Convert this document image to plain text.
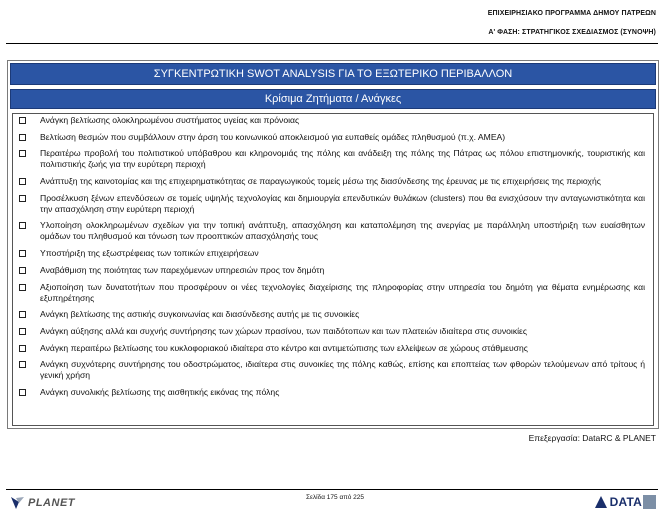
ΕΠΙΧΕΙΡΗΣΙΑΚΟ ΠΡΟΓΡΑΜΜΑ ΔΗΜΟΥ ΠΑΤΡΕΩΝ
Α' ΦΑΣΗ: ΣΤΡΑΤΗΓΙΚΟΣ ΣΧΕΔΙΑΣΜΟΣ (ΣΥΝΟΨΗ)
ΣΥΓΚΕΝΤΡΩΤΙΚΗ SWOT ANALYSIS ΓΙΑ ΤΟ ΕΞΩΤΕΡΙΚΟ ΠΕΡΙΒΑΛΛΟΝ
Κρίσιμα Ζητήματα / Ανάγκες
Ανάγκη βελτίωσης ολοκληρωμένου συστήματος υγείας και πρόνοιας
Βελτίωση θεσμών που συμβάλλουν στην άρση του κοινωνικού αποκλεισμού για ευπαθείς ομάδες πληθυσμού (π.χ. ΑΜΕΑ)
Περαιτέρω προβολή του πολιτιστικού υπόβαθρου και κληρονομιάς της πόλης και ανάδειξη της πόλης της Πάτρας ως πόλου επιστημονικής, τουριστικής και πολιτιστικής ζωής για την ευρύτερη περιοχή
Ανάπτυξη της καινοτομίας και της επιχειρηματικότητας σε παραγωγικούς τομείς μέσω της διασύνδεσης της έρευνας με τις επιχειρήσεις της περιοχής
Προσέλκυση ξένων επενδύσεων σε τομείς υψηλής τεχνολογίας και δημιουργία επενδυτικών θυλάκων (clusters) που θα ενισχύσουν την ανταγωνιστικότητα και την απασχόληση στην ευρύτερη περιοχή
Υλοποίηση ολοκληρωμένων σχεδίων για την τοπική ανάπτυξη, απασχόληση και καταπολέμηση της ανεργίας με παράλληλη υποστήριξη των ευαίσθητων ομάδων του πληθυσμού και τόνωση των προοπτικών απασχόλησής τους
Υποστήριξη της εξωστρέφειας των τοπικών επιχειρήσεων
Αναβάθμιση της ποιότητας των παρεχόμενων υπηρεσιών προς τον δημότη
Αξιοποίηση των δυνατοτήτων που προσφέρουν οι νέες τεχνολογίες διαχείρισης της πληροφορίας στην υπηρεσία του δημότη για θέματα ενημέρωσης και εξυπηρέτησης
Ανάγκη βελτίωσης της αστικής συγκοινωνίας και διασύνδεσης αυτής με τις συνοικίες
Ανάγκη αύξησης αλλά και συχνής συντήρησης των χώρων πρασίνου, των παιδότοπων και των πλατειών ιδιαίτερα στις συνοικίες
Ανάγκη περαιτέρω βελτίωσης του κυκλοφοριακού ιδιαίτερα στο κέντρο και αντιμετώπισης των ελλείψεων σε χώρους στάθμευσης
Ανάγκη συχνότερης συντήρησης του οδοστρώματος, ιδιαίτερα στις συνοικίες της πόλης καθώς, επίσης και εποπτείας των φθορών τελούμενων από τρίτους ή γενική χρήση
Ανάγκη συνολικής βελτίωσης της αισθητικής εικόνας της πόλης
Επεξεργασία: DataRC & PLANET
Σελίδα 175 από 225
PLANET	DATA
